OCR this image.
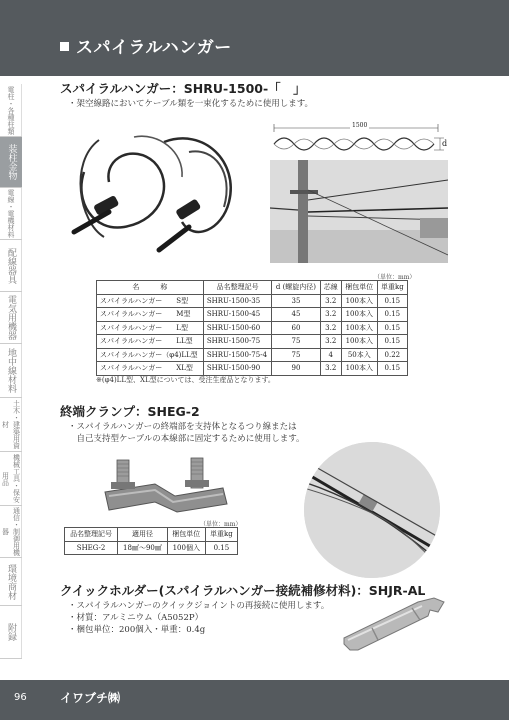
スパイラルハンガー
電柱・各種柱類
装柱金物
電線・電機材料
配線器具
電気用機器
地中線材料
土木・建築用資材
機械工具・保安用品
通信・制御用機器
環境商材
附録
スパイラルハンガー：SHRU-1500-「　」
・架空線路においてケーブル類を一束化するために使用します。
1500
d
（単位：mm）
名　　　称	品名整理記号	d (螺旋内径)	芯線	梱包単位	単重kg
スパイラルハンガー　　S型	SHRU-1500-35	35	3.2	100本入	0.15
スパイラルハンガー　　M型	SHRU-1500-45	45	3.2	100本入	0.15
スパイラルハンガー　　L型	SHRU-1500-60	60	3.2	100本入	0.15
スパイラルハンガー　　LL型	SHRU-1500-75	75	3.2	100本入	0.15
スパイラルハンガー（φ4)LL型	SHRU-1500-75-4	75	4	50本入	0.22
スパイラルハンガー　　XL型	SHRU-1500-90	90	3.2	100本入	0.15
※(φ4)LL型、XL型については、受注生産品となります。
終端クランプ：SHEG-2
・スパイラルハンガーの終端部を支持体となるつり線または
　自己支持型ケーブルの本線部に固定するために使用します。
（単位：mm）
品名整理記号	適用径	梱包単位	単重kg
SHEG-2	18㎟〜90㎟	100個入	0.15
クイックホルダー(スパイラルハンガー接続補修材料)：SHJR-AL
・スパイラルハンガーのクイックジョイントの再接続に使用します。
・材質：アルミニウム（A5052P）
・梱包単位：200個入・単重：0.4g
96	イワブチ㈱
